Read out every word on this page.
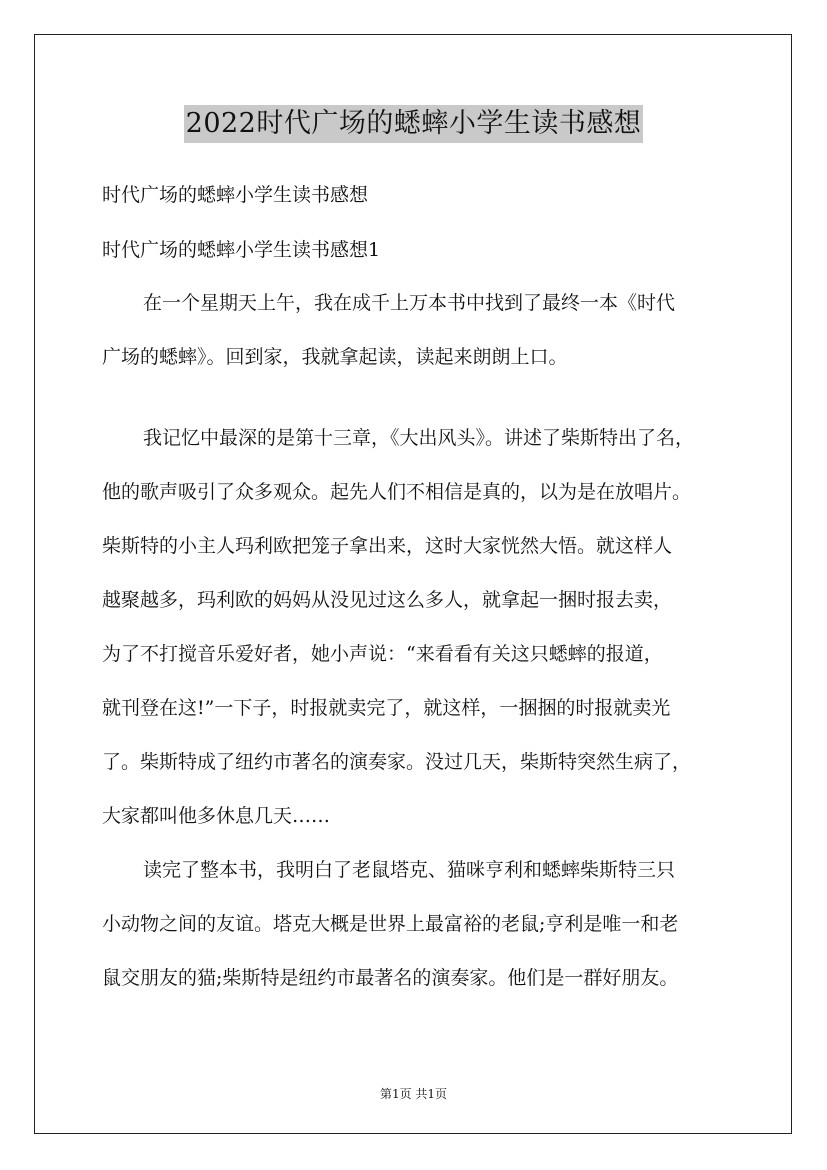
2022时代广场的蟋蟀小学生读书感想

时代广场的蟋蟀小学生读书感想

时代广场的蟋蟀小学生读书感想1

在一个星期天上午，我在成千上万本书中找到了最终一本《时代

广场的蟋蟀》。回到家，我就拿起读，读起来朗朗上口。

我记忆中最深的是第十三章，《大出风头》。讲述了柴斯特出了名，

他的歌声吸引了众多观众。起先人们不相信是真的，以为是在放唱片。

柴斯特的小主人玛利欧把笼子拿出来，这时大家恍然大悟。就这样人

越聚越多，玛利欧的妈妈从没见过这么多人，就拿起一捆时报去卖，

为了不打搅音乐爱好者，她小声说：“来看看有关这只蟋蟀的报道，

就刊登在这!”一下子，时报就卖完了，就这样，一捆捆的时报就卖光

了。柴斯特成了纽约市著名的演奏家。没过几天，柴斯特突然生病了，

大家都叫他多休息几天……

读完了整本书，我明白了老鼠塔克、猫咪亨利和蟋蟀柴斯特三只

小动物之间的友谊。塔克大概是世界上最富裕的老鼠;亨利是唯一和老

鼠交朋友的猫;柴斯特是纽约市最著名的演奏家。他们是一群好朋友。

第1页 共1页
